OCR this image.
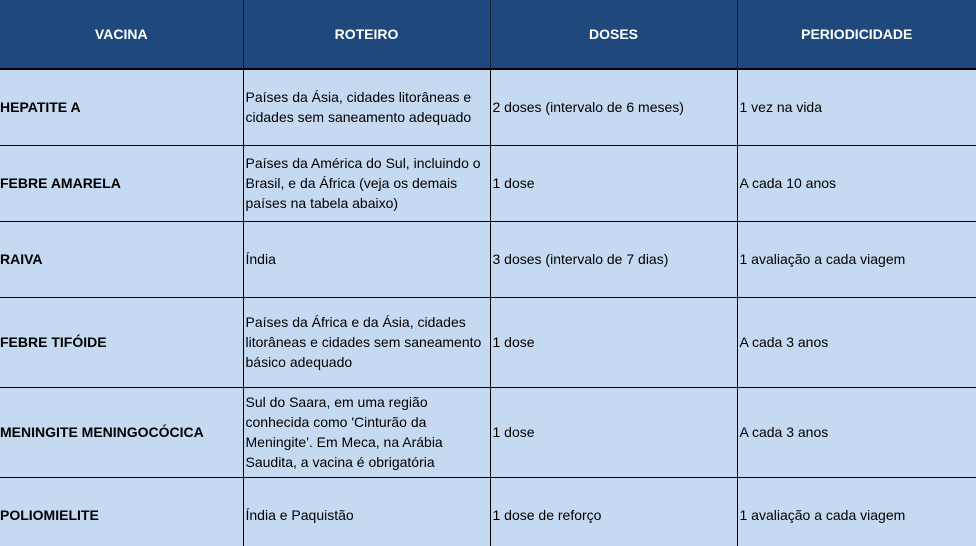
VACINA	ROTEIRO	DOSES	PERIODICIDADE
HEPATITE A	Países da Ásia, cidades litorâneas e cidades sem saneamento adequado	2 doses (intervalo de 6 meses)	1 vez na vida
FEBRE AMARELA	Países da América do Sul, incluindo o Brasil, e da África (veja os demais países na tabela abaixo)	1 dose	A cada 10 anos
RAIVA	Índia	3 doses (intervalo de 7 dias)	1 avaliação a cada viagem
FEBRE TIFÓIDE	Países da África e da Ásia, cidades litorâneas e cidades sem saneamento básico adequado	1 dose	A cada 3 anos
MENINGITE MENINGOCÓCICA	Sul do Saara, em uma região conhecida como 'Cinturão da Meningite'. Em Meca, na Arábia Saudita, a vacina é obrigatória	1 dose	A cada 3 anos
POLIOMIELITE	Índia e Paquistão	1 dose de reforço	1 avaliação a cada viagem
